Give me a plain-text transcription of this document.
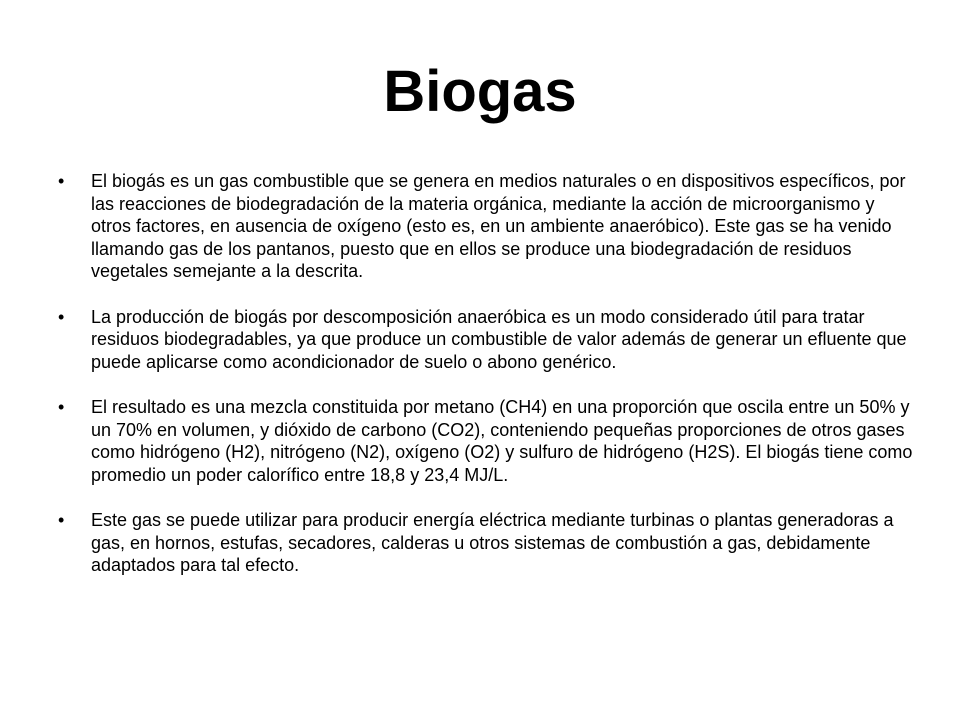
Biogas
•	El biogás es un gas combustible que se genera en medios naturales o en dispositivos específicos, por las reacciones de biodegradación de la materia orgánica, mediante la acción de microorganismo y otros factores, en ausencia de oxígeno (esto es, en un ambiente anaeróbico). Este gas se ha venido llamando gas de los pantanos, puesto que en ellos se produce una biodegradación de residuos vegetales semejante a la descrita.
•	La producción de biogás por descomposición anaeróbica es un modo considerado útil para tratar residuos biodegradables, ya que produce un combustible de valor además de generar un efluente que puede aplicarse como acondicionador de suelo o abono genérico.
•	El resultado es una mezcla constituida por metano (CH4) en una proporción que oscila entre un 50% y un 70% en volumen, y dióxido de carbono (CO2), conteniendo pequeñas proporciones de otros gases como hidrógeno (H2), nitrógeno (N2), oxígeno (O2) y sulfuro de hidrógeno (H2S). El biogás tiene como promedio un poder calorífico entre 18,8 y 23,4 MJ/L.
•	Este gas se puede utilizar para producir energía eléctrica mediante turbinas o plantas generadoras a gas, en hornos, estufas, secadores, calderas u otros sistemas de combustión a gas, debidamente adaptados para tal efecto.
